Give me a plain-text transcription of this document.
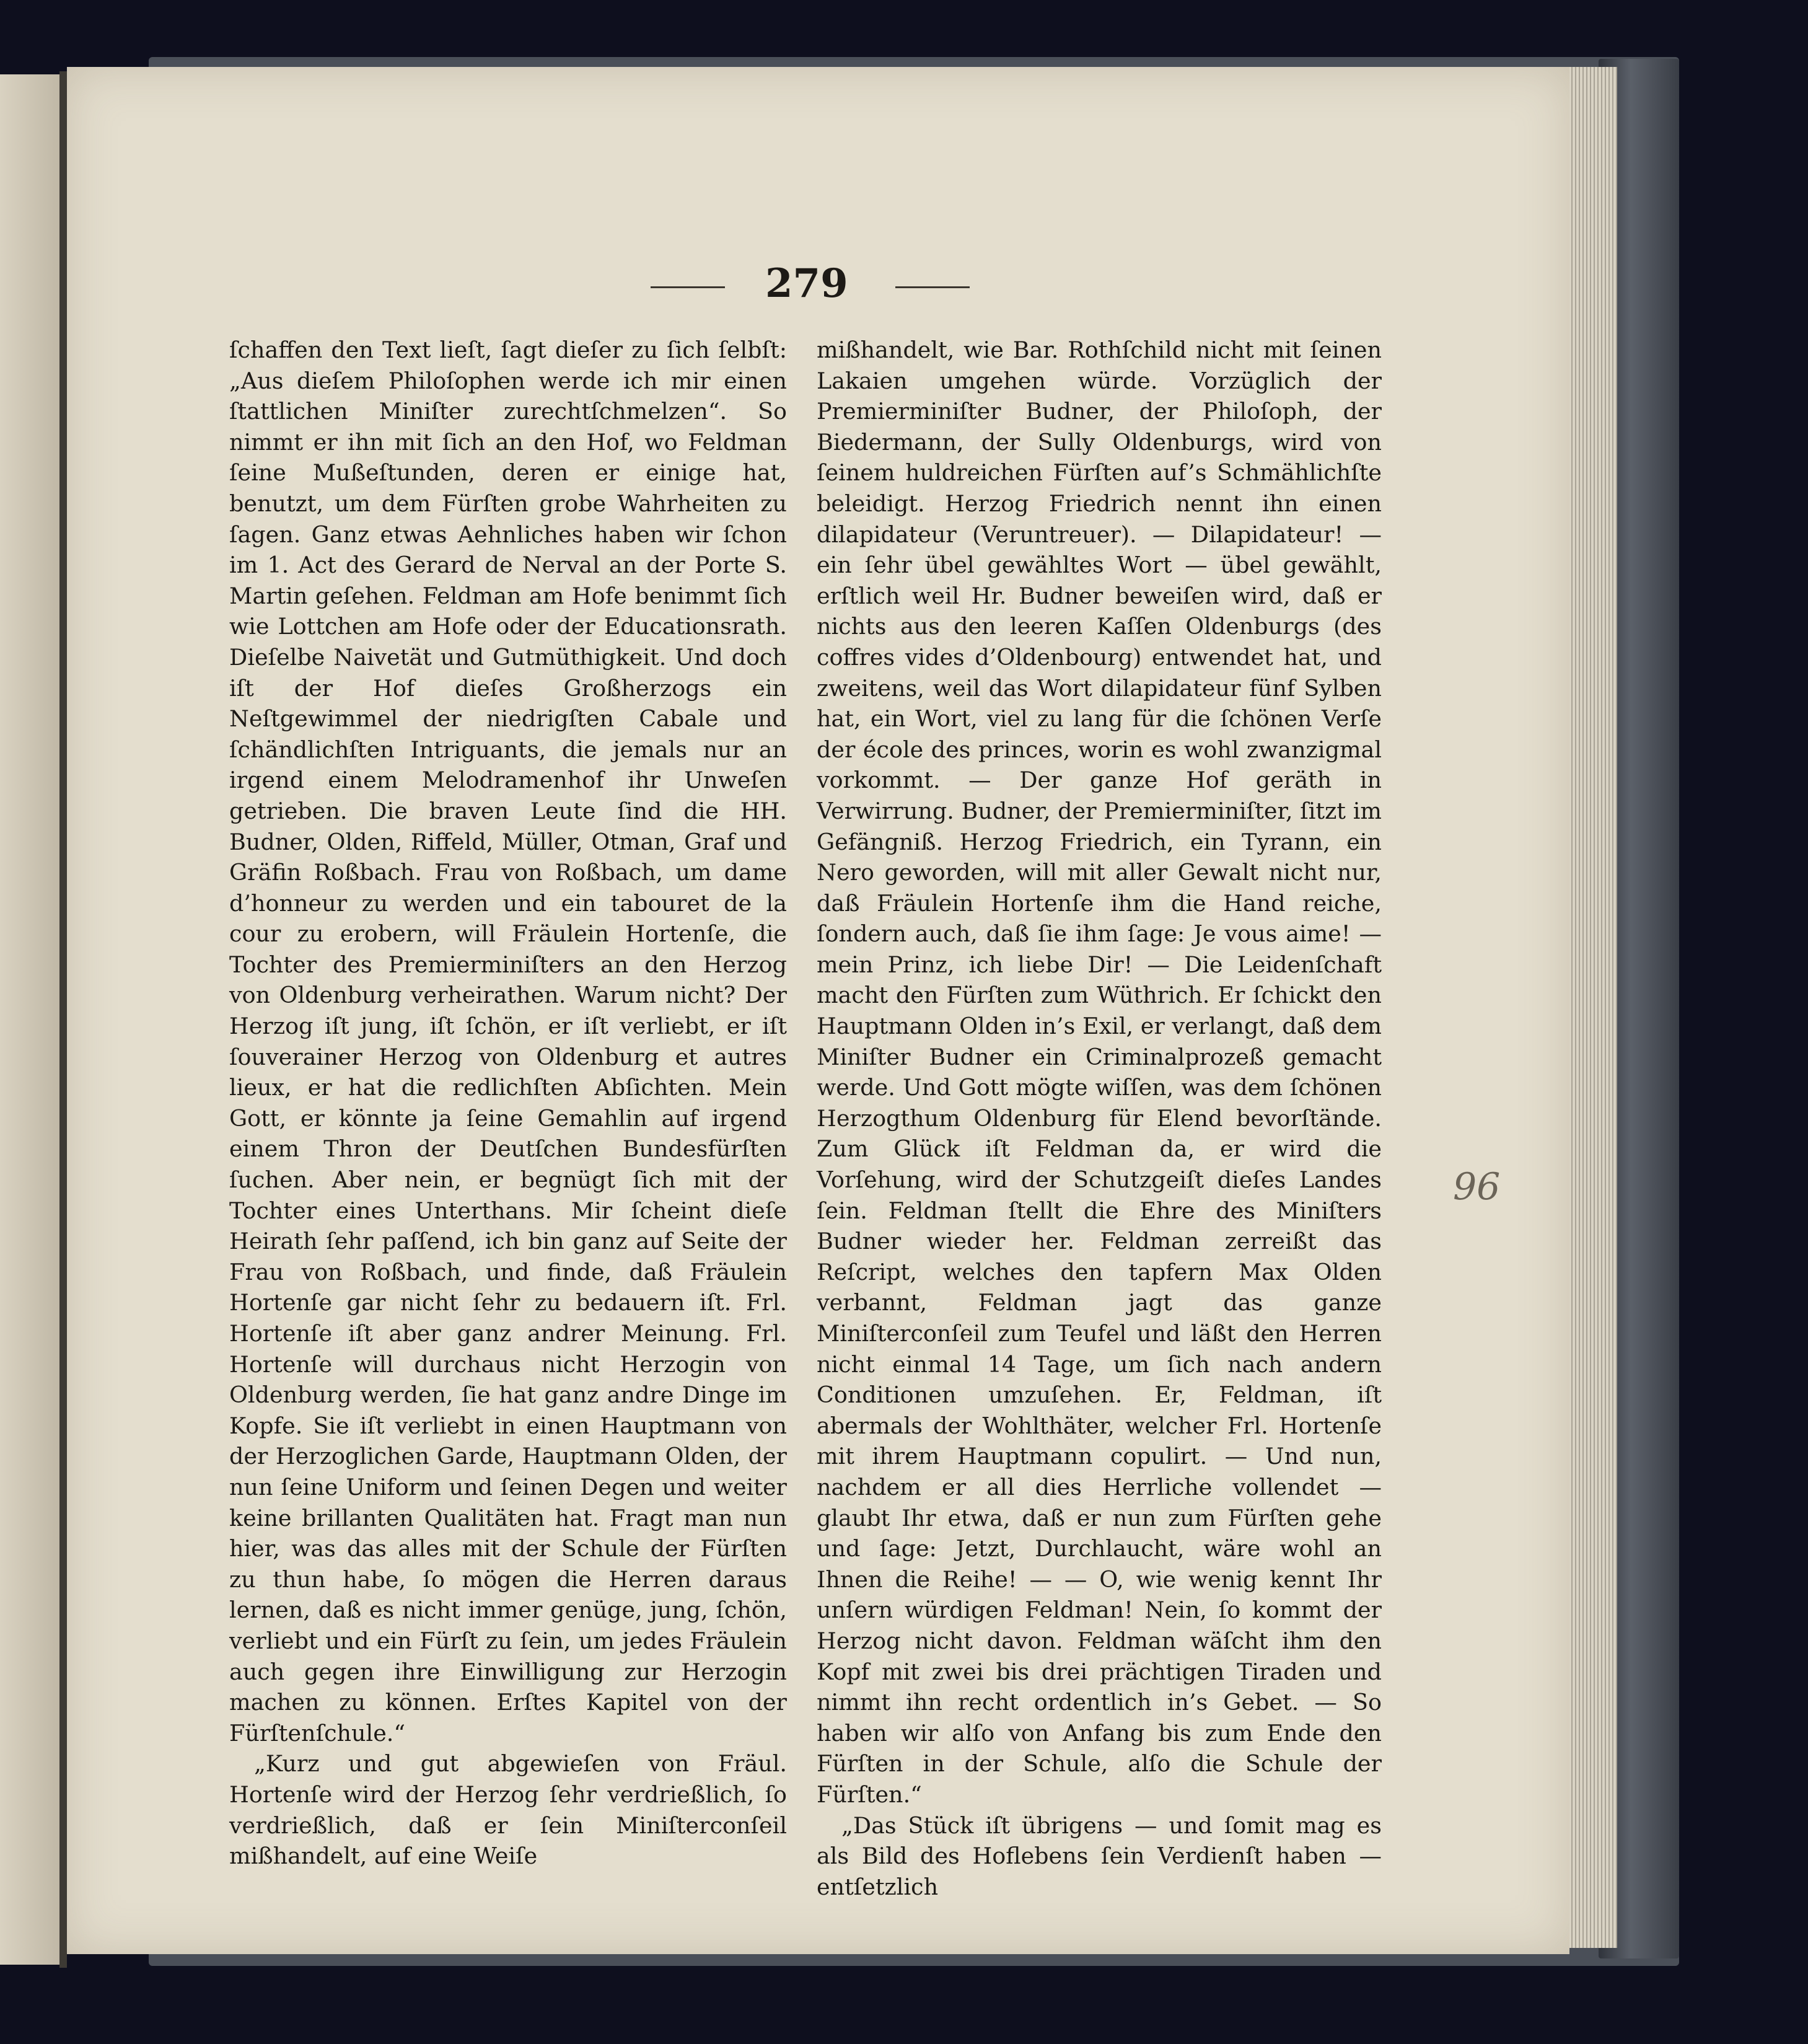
279

ſchaffen den Text lieſt, ſagt dieſer zu ſich ſelbſt: „Aus dieſem Philoſophen werde ich mir einen ſtattlichen Miniſter zurechtſchmelzen“. So nimmt er ihn mit ſich an den Hof, wo Feldman ſeine Mußeſtunden, deren er einige hat, benutzt, um dem Fürſten grobe Wahrheiten zu ſagen. Ganz etwas Aehnliches haben wir ſchon im 1. Act des Gerard de Nerval an der Porte S. Martin geſehen. Feldman am Hofe benimmt ſich wie Lottchen am Hofe oder der Educationsrath. Dieſelbe Naivetät und Gutmüthigkeit. Und doch iſt der Hof dieſes Großherzogs ein Neſtgewimmel der niedrigſten Cabale und ſchändlichſten Intriguants, die jemals nur an irgend einem Melodramenhof ihr Unweſen getrieben. Die braven Leute ſind die HH. Budner, Olden, Riffeld, Müller, Otman, Graf und Gräfin Roßbach. Frau von Roßbach, um dame d’honneur zu werden und ein tabouret de la cour zu erobern, will Fräulein Hortenſe, die Tochter des Premierminiſters an den Herzog von Oldenburg verheirathen. Warum nicht? Der Herzog iſt jung, iſt ſchön, er iſt verliebt, er iſt ſouverainer Herzog von Oldenburg et autres lieux, er hat die redlichſten Abſichten. Mein Gott, er könnte ja ſeine Gemahlin auf irgend einem Thron der Deutſchen Bundesfürſten ſuchen. Aber nein, er begnügt ſich mit der Tochter eines Unterthans. Mir ſcheint dieſe Heirath ſehr paſſend, ich bin ganz auf Seite der Frau von Roßbach, und finde, daß Fräulein Hortenſe gar nicht ſehr zu bedauern iſt. Frl. Hortenſe iſt aber ganz andrer Meinung. Frl. Hortenſe will durchaus nicht Herzogin von Oldenburg werden, ſie hat ganz andre Dinge im Kopfe. Sie iſt verliebt in einen Hauptmann von der Herzoglichen Garde, Hauptmann Olden, der nun ſeine Uniform und ſeinen Degen und weiter keine brillanten Qualitäten hat. Fragt man nun hier, was das alles mit der Schule der Fürſten zu thun habe, ſo mögen die Herren daraus lernen, daß es nicht immer genüge, jung, ſchön, verliebt und ein Fürſt zu ſein, um jedes Fräulein auch gegen ihre Einwilligung zur Herzogin machen zu können. Erſtes Kapitel von der Fürſtenſchule.“

„Kurz und gut abgewieſen von Fräul. Hortenſe wird der Herzog ſehr verdrießlich, ſo verdrießlich, daß er ſein Miniſterconſeil mißhandelt, auf eine Weiſe

mißhandelt, wie Bar. Rothſchild nicht mit ſeinen Lakaien umgehen würde. Vorzüglich der Premierminiſter Budner, der Philoſoph, der Biedermann, der Sully Oldenburgs, wird von ſeinem huldreichen Fürſten auf’s Schmählichſte beleidigt. Herzog Friedrich nennt ihn einen dilapidateur (Veruntreuer). — Dilapidateur! — ein ſehr übel gewähltes Wort — übel gewählt, erſtlich weil Hr. Budner beweiſen wird, daß er nichts aus den leeren Kaſſen Oldenburgs (des coffres vides d’Oldenbourg) entwendet hat, und zweitens, weil das Wort dilapidateur fünf Sylben hat, ein Wort, viel zu lang für die ſchönen Verſe der école des princes, worin es wohl zwanzigmal vorkommt. — Der ganze Hof geräth in Verwirrung. Budner, der Premierminiſter, ſitzt im Gefängniß. Herzog Friedrich, ein Tyrann, ein Nero geworden, will mit aller Gewalt nicht nur, daß Fräulein Hortenſe ihm die Hand reiche, ſondern auch, daß ſie ihm ſage: Je vous aime! — mein Prinz, ich liebe Dir! — Die Leidenſchaft macht den Fürſten zum Wüthrich. Er ſchickt den Hauptmann Olden in’s Exil, er verlangt, daß dem Miniſter Budner ein Criminalprozeß gemacht werde. Und Gott mögte wiſſen, was dem ſchönen Herzogthum Oldenburg für Elend bevorſtände. Zum Glück iſt Feldman da, er wird die Vorſehung, wird der Schutzgeiſt dieſes Landes ſein. Feldman ſtellt die Ehre des Miniſters Budner wieder her. Feldman zerreißt das Reſcript, welches den tapfern Max Olden verbannt, Feldman jagt das ganze Miniſterconſeil zum Teufel und läßt den Herren nicht einmal 14 Tage, um ſich nach andern Conditionen umzuſehen. Er, Feldman, iſt abermals der Wohlthäter, welcher Frl. Hortenſe mit ihrem Hauptmann copulirt. — Und nun, nachdem er all dies Herrliche vollendet — glaubt Ihr etwa, daß er nun zum Fürſten gehe und ſage: Jetzt, Durchlaucht, wäre wohl an Ihnen die Reihe! — — O, wie wenig kennt Ihr unſern würdigen Feldman! Nein, ſo kommt der Herzog nicht davon. Feldman wäſcht ihm den Kopf mit zwei bis drei prächtigen Tiraden und nimmt ihn recht ordentlich in’s Gebet. — So haben wir alſo von Anfang bis zum Ende den Fürſten in der Schule, alſo die Schule der Fürſten.“

„Das Stück iſt übrigens — und ſomit mag es als Bild des Hoflebens ſein Verdienſt haben — entſetzlich

96
